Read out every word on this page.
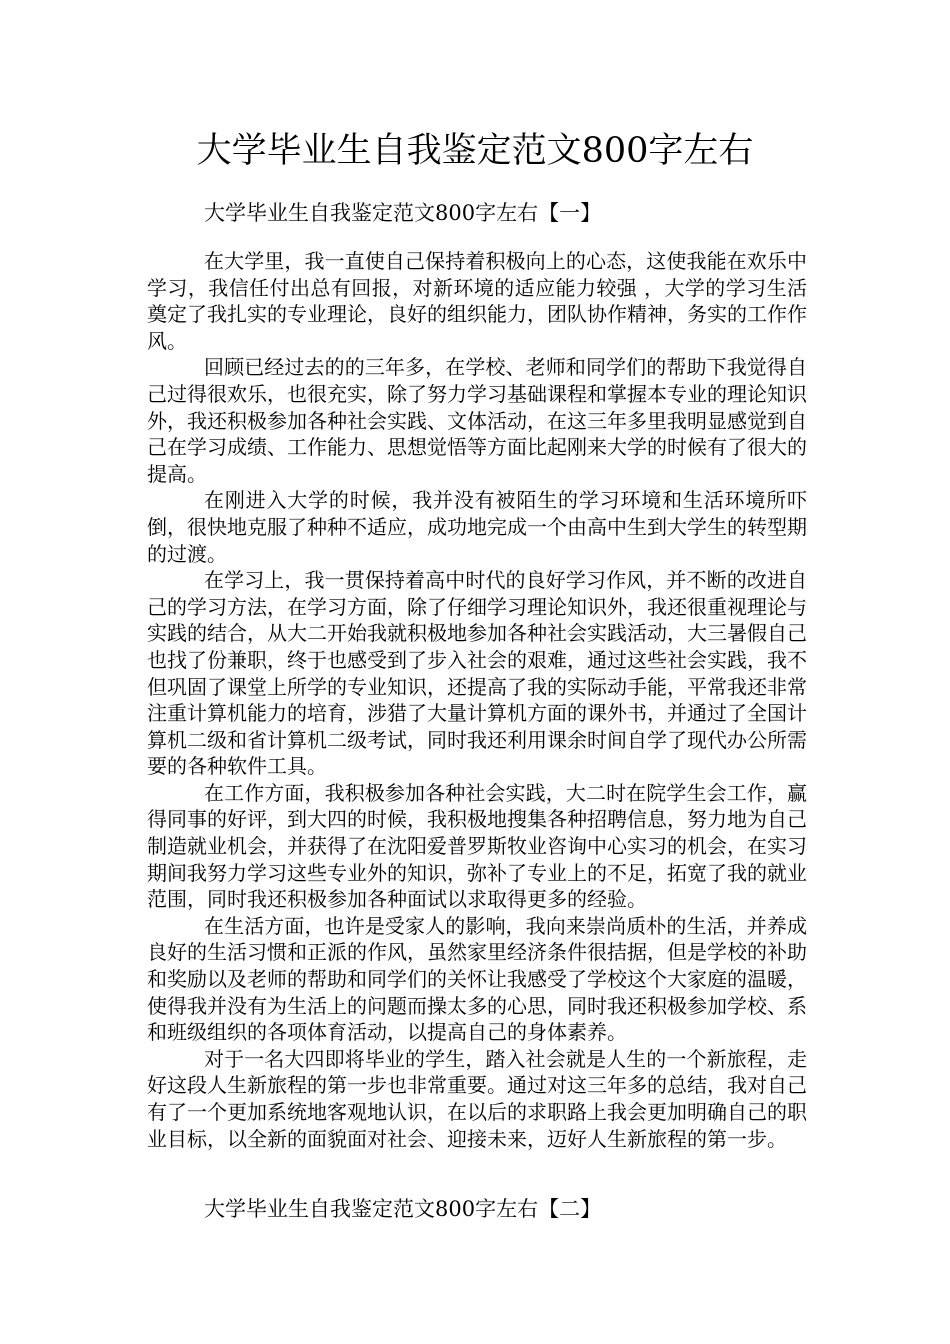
大学毕业生自我鉴定范文800字左右
大学毕业生自我鉴定范文800字左右【一】

在大学里，我一直使自己保持着积极向上的心态，这使我能在欢乐中学习，我信任付出总有回报，对新环境的适应能力较强 ，大学的学习生活奠定了我扎实的专业理论，良好的组织能力，团队协作精神，务实的工作作风。

回顾已经过去的的三年多，在学校、老师和同学们的帮助下我觉得自己过得很欢乐，也很充实，除了努力学习基础课程和掌握本专业的理论知识外，我还积极参加各种社会实践、文体活动，在这三年多里我明显感觉到自己在学习成绩、工作能力、思想觉悟等方面比起刚来大学的时候有了很大的提高。

在刚进入大学的时候，我并没有被陌生的学习环境和生活环境所吓倒，很快地克服了种种不适应，成功地完成一个由高中生到大学生的转型期的过渡。

在学习上，我一贯保持着高中时代的良好学习作风，并不断的改进自己的学习方法，在学习方面，除了仔细学习理论知识外，我还很重视理论与实践的结合，从大二开始我就积极地参加各种社会实践活动，大三暑假自己也找了份兼职，终于也感受到了步入社会的艰难，通过这些社会实践，我不但巩固了课堂上所学的专业知识，还提高了我的实际动手能，平常我还非常注重计算机能力的培育，涉猎了大量计算机方面的课外书，并通过了全国计算机二级和省计算机二级考试，同时我还利用课余时间自学了现代办公所需要的各种软件工具。

在工作方面，我积极参加各种社会实践，大二时在院学生会工作，赢得同事的好评，到大四的时候，我积极地搜集各种招聘信息，努力地为自己制造就业机会，并获得了在沈阳爱普罗斯牧业咨询中心实习的机会，在实习期间我努力学习这些专业外的知识，弥补了专业上的不足，拓宽了我的就业范围，同时我还积极参加各种面试以求取得更多的经验。

在生活方面，也许是受家人的影响，我向来崇尚质朴的生活，并养成良好的生活习惯和正派的作风，虽然家里经济条件很拮据，但是学校的补助和奖励以及老师的帮助和同学们的关怀让我感受了学校这个大家庭的温暖，使得我并没有为生活上的问题而操太多的心思，同时我还积极参加学校、系和班级组织的各项体育活动，以提高自己的身体素养。

对于一名大四即将毕业的学生，踏入社会就是人生的一个新旅程，走好这段人生新旅程的第一步也非常重要。通过对这三年多的总结，我对自己有了一个更加系统地客观地认识，在以后的求职路上我会更加明确自己的职业目标，以全新的面貌面对社会、迎接未来，迈好人生新旅程的第一步。

大学毕业生自我鉴定范文800字左右【二】
